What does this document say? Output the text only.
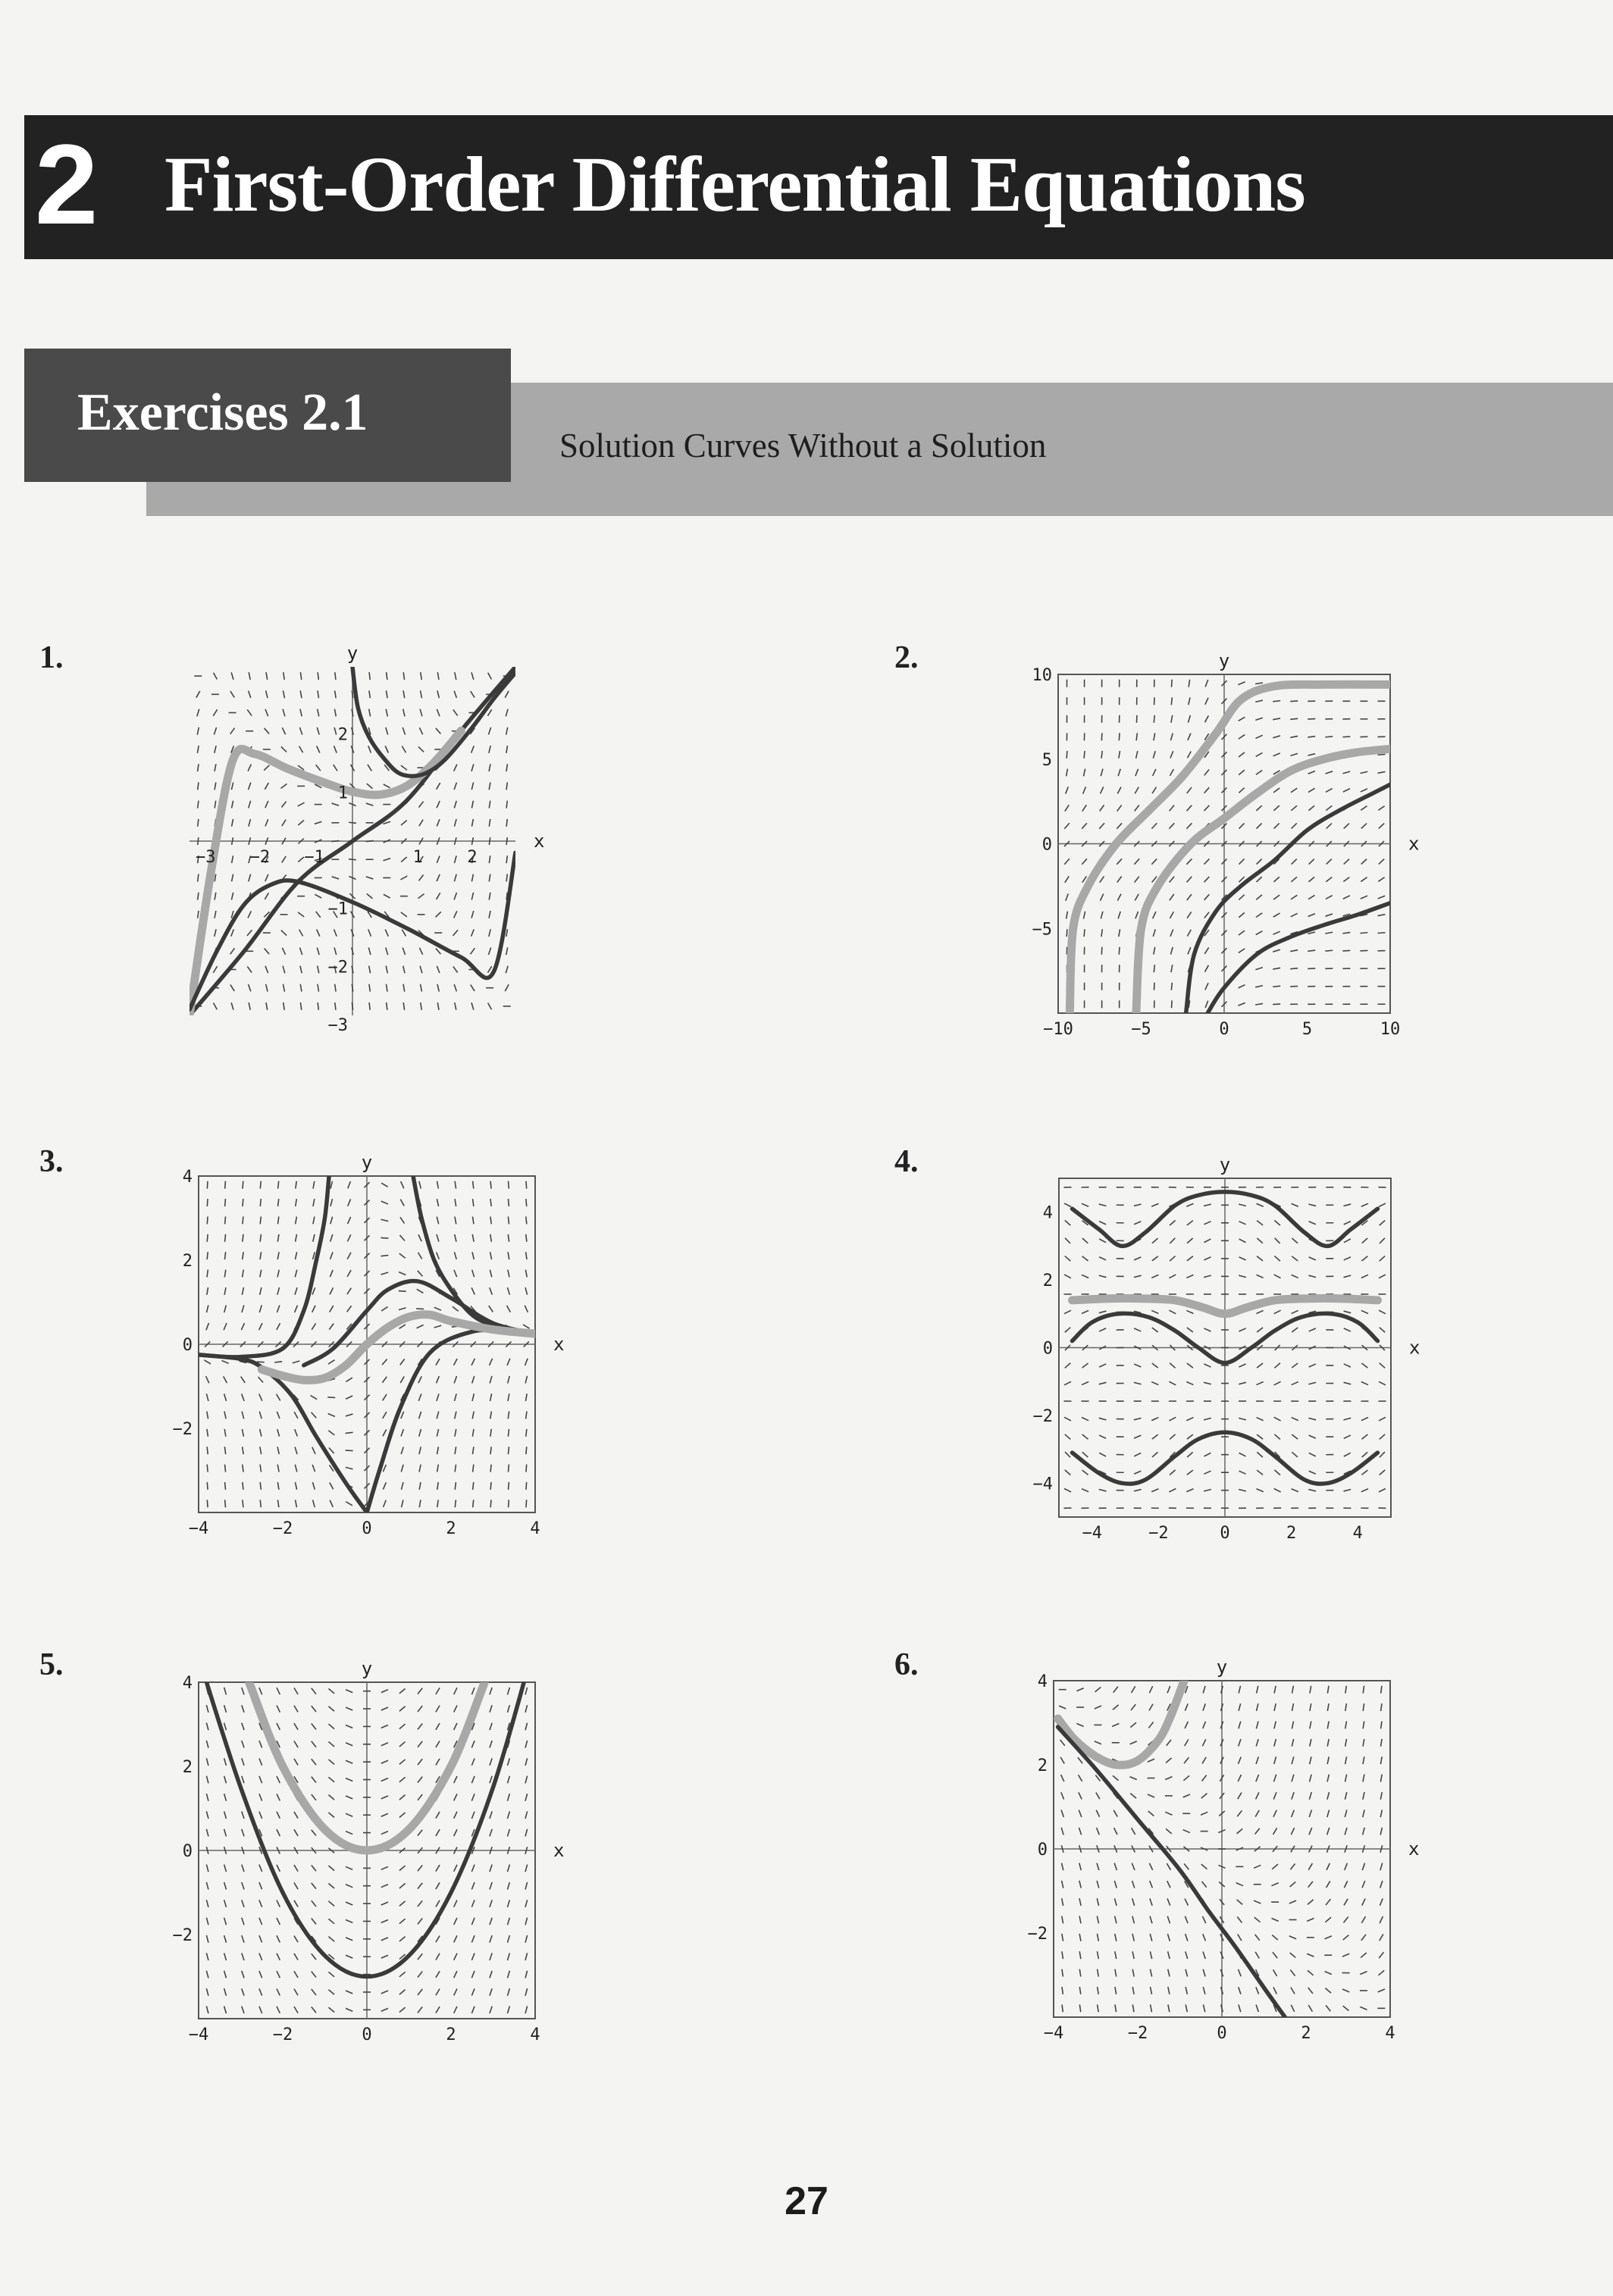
2 First-Order Differential Equations
Exercises 2.1
Solution Curves Without a Solution
1.	2.
3.	4.
5.	6.
−3 −2 −1	1	2
−3
−2
−1
1
2
x
y
−10	−5	0	5	10
−5
0
5
10
x
y
−4	−2	0	2	4
−2
0
2
4
x
y
−4	−2	0	2	4
−4
−2
0
2
4
x
y
−4	−2	0	2	4
−2
0
2
4
x
y
−4	−2	0	2	4
−2
0
2
4
x
y
27
